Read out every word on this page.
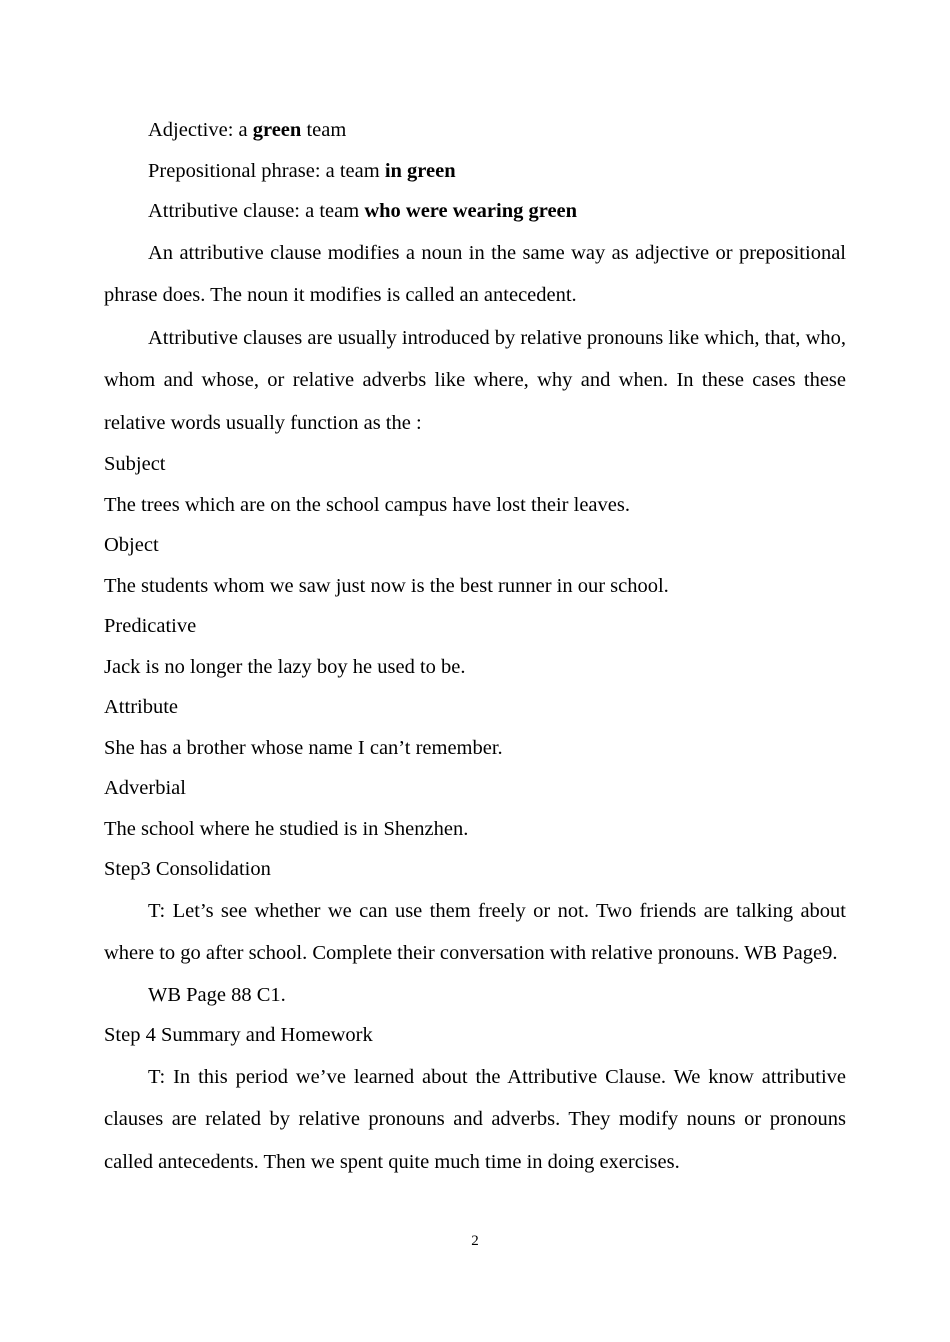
Adjective: a green team
Prepositional phrase: a team in green
Attributive clause: a team who were wearing green
An attributive clause modifies a noun in the same way as adjective or prepositional phrase does. The noun it modifies is called an antecedent.
Attributive clauses are usually introduced by relative pronouns like which, that, who, whom and whose, or relative adverbs like where, why and when. In these cases these relative words usually function as the :
Subject
The trees which are on the school campus have lost their leaves.
Object
The students whom we saw just now is the best runner in our school.
Predicative
Jack is no longer the lazy boy he used to be.
Attribute
She has a brother whose name I can’t remember.
Adverbial
The school where he studied is in Shenzhen.
Step3 Consolidation
T: Let’s see whether we can use them freely or not. Two friends are talking about where to go after school. Complete their conversation with relative pronouns. WB Page9.
WB Page 88 C1.
Step 4 Summary and Homework
T: In this period we’ve learned about the Attributive Clause. We know attributive clauses are related by relative pronouns and adverbs. They modify nouns or pronouns called antecedents. Then we spent quite much time in doing exercises.
2
